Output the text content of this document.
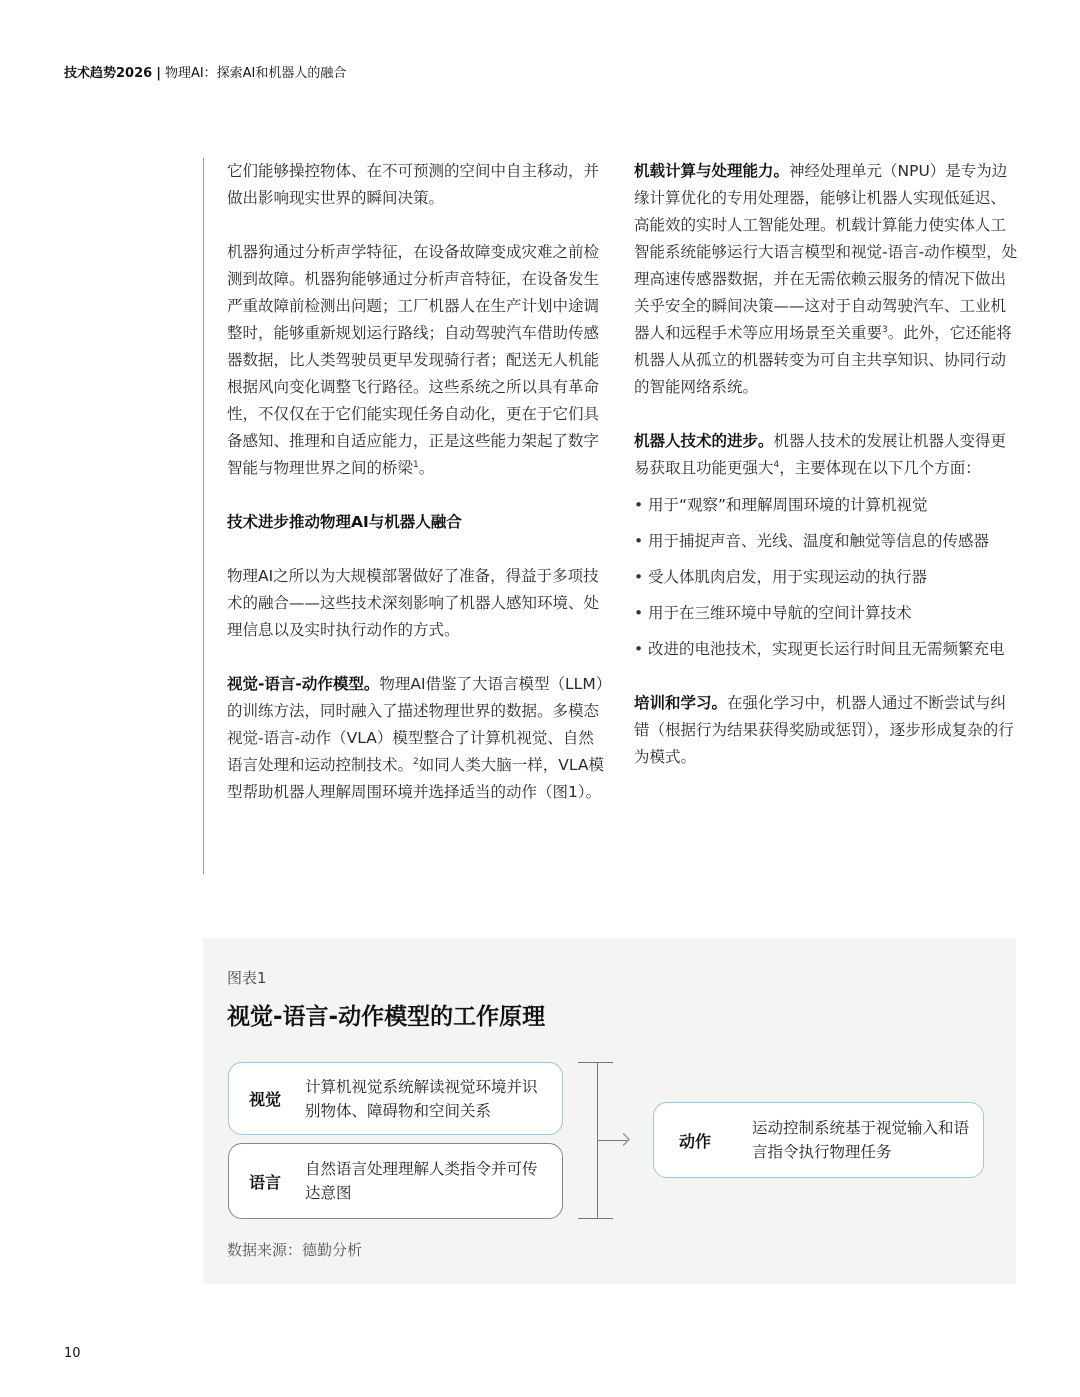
技术趋势2026 | 物理AI：探索AI和机器人的融合

它们能够操控物体、在不可预测的空间中自主移动，并做出影响现实世界的瞬间决策。

机器狗通过分析声学特征，在设备故障变成灾难之前检测到故障。机器狗能够通过分析声音特征，在设备发生严重故障前检测出问题；工厂机器人在生产计划中途调整时，能够重新规划运行路线；自动驾驶汽车借助传感器数据，比人类驾驶员更早发现骑行者；配送无人机能根据风向变化调整飞行路径。这些系统之所以具有革命性，不仅仅在于它们能实现任务自动化，更在于它们具备感知、推理和自适应能力，正是这些能力架起了数字智能与物理世界之间的桥梁$^1$。

技术进步推动物理AI与机器人融合

物理AI之所以为大规模部署做好了准备，得益于多项技术的融合——这些技术深刻影响了机器人感知环境、处理信息以及实时执行动作的方式。

视觉-语言-动作模型。物理AI借鉴了大语言模型（LLM）的训练方法，同时融入了描述物理世界的数据。多模态视觉-语言-动作（VLA）模型整合了计算机视觉、自然语言处理和运动控制技术。$^2$如同人类大脑一样，VLA模型帮助机器人理解周围环境并选择适当的动作（图1）。

机载计算与处理能力。神经处理单元（NPU）是专为边缘计算优化的专用处理器，能够让机器人实现低延迟、高能效的实时人工智能处理。机载计算能力使实体人工智能系统能够运行大语言模型和视觉-语言-动作模型，处理高速传感器数据，并在无需依赖云服务的情况下做出关乎安全的瞬间决策——这对于自动驾驶汽车、工业机器人和远程手术等应用场景至关重要$^3$。此外，它还能将机器人从孤立的机器转变为可自主共享知识、协同行动的智能网络系统。

机器人技术的进步。机器人技术的发展让机器人变得更易获取且功能更强大$^4$，主要体现在以下几个方面：

• 用于“观察”和理解周围环境的计算机视觉
• 用于捕捉声音、光线、温度和触觉等信息的传感器
• 受人体肌肉启发，用于实现运动的执行器
• 用于在三维环境中导航的空间计算技术
• 改进的电池技术，实现更长运行时间且无需频繁充电

培训和学习。在强化学习中，机器人通过不断尝试与纠错（根据行为结果获得奖励或惩罚），逐步形成复杂的行为模式。

图表1
视觉-语言-动作模型的工作原理
视觉
计算机视觉系统解读视觉环境并识别物体、障碍物和空间关系
语言
自然语言处理理解人类指令并可传达意图
动作
运动控制系统基于视觉输入和语言指令执行物理任务
数据来源：德勤分析
10
